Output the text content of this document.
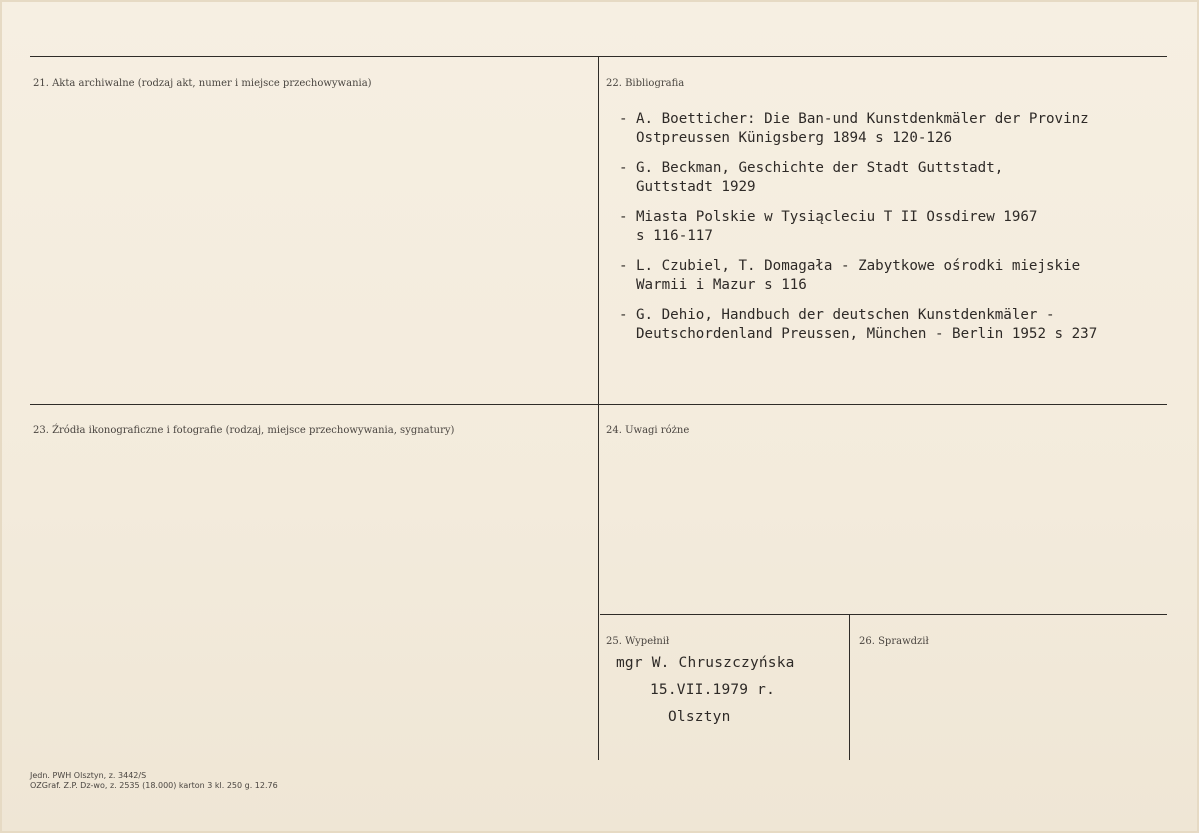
21. Akta archiwalne (rodzaj akt, numer i miejsce przechowywania)	22. Bibliografia
23. Źródła ikonograficzne i fotografie (rodzaj, miejsce przechowywania, sygnatury)	24. Uwagi różne
25. Wypełnił	26. Sprawdził
- A. Boetticher: Die Ban-und Kunstdenkmäler der Provinz
Ostpreussen Künigsberg 1894 s 120-126
- G. Beckman, Geschichte der Stadt Guttstadt,
Guttstadt 1929
- Miasta Polskie w Tysiącleciu T II Ossdirew 1967
s 116-117
- L. Czubiel, T. Domagała - Zabytkowe ośrodki miejskie
Warmii i Mazur s 116
- G. Dehio, Handbuch der deutschen Kunstdenkmäler -
Deutschordenland Preussen, München - Berlin 1952 s 237
mgr W. Chruszczyńska
15.VII.1979 r.
Olsztyn
Jedn. PWH Olsztyn, z. 3442/S
OZGraf. Z.P. Dz-wo, z. 2535 (18.000) karton 3 kl. 250 g. 12.76
